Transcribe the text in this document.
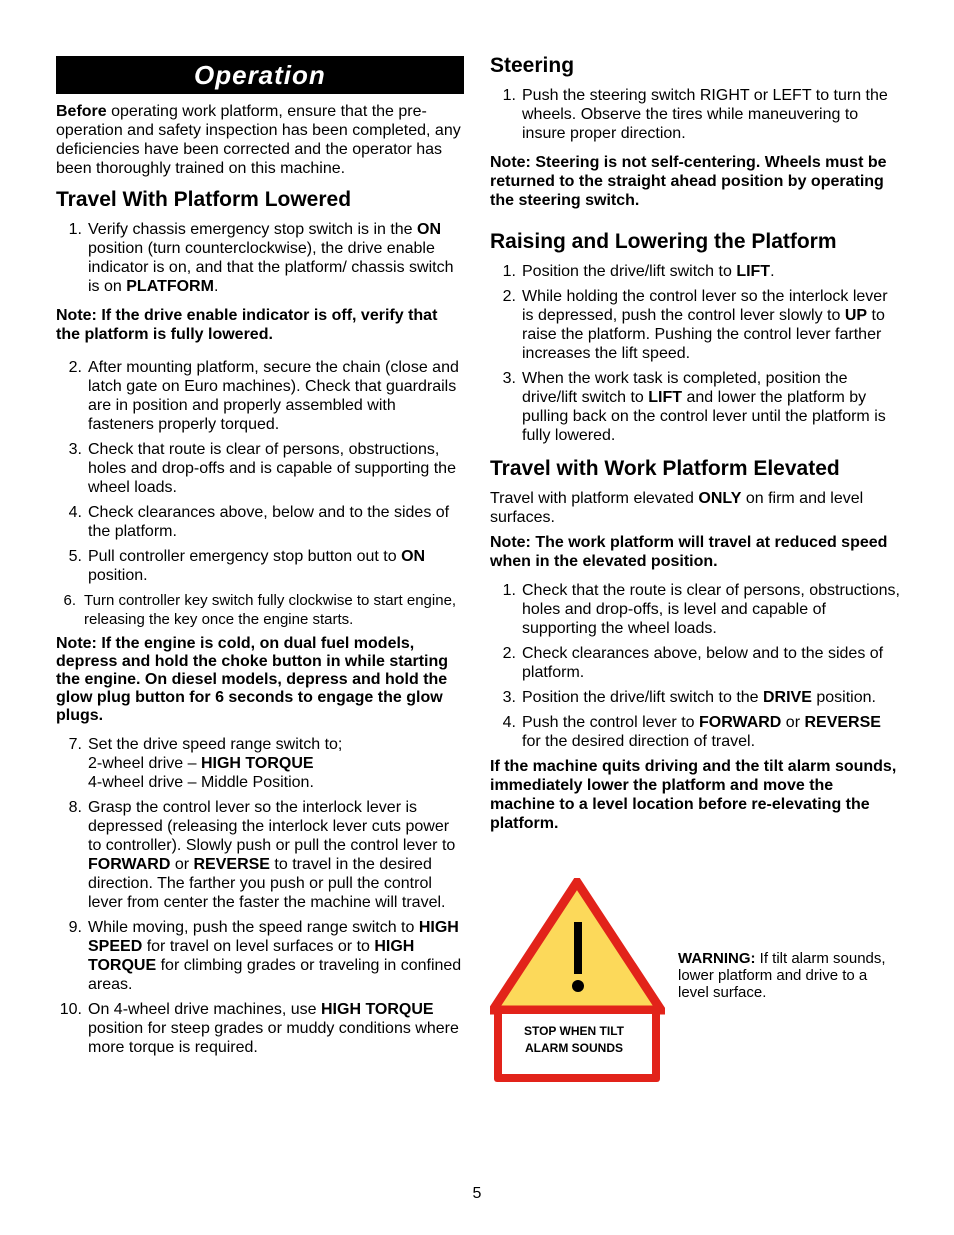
Operation

Before operating work platform, ensure that the pre-operation and safety inspection has been completed, any deficiencies have been corrected and the operator has been thoroughly trained on this machine.

Travel With Platform Lowered
1. Verify chassis emergency stop switch is in the ON position (turn counterclockwise), the drive enable indicator is on, and that the platform/ chassis switch is on PLATFORM.

Note: If the drive enable indicator is off, verify that the platform is fully lowered.

2. After mounting platform, secure the chain (close and latch gate on Euro machines). Check that guardrails are in position and properly assembled with fasteners properly torqued.
3. Check that route is clear of persons, obstructions, holes and drop-offs and is capable of supporting the wheel loads.
4. Check clearances above, below and to the sides of the platform.
5. Pull controller emergency stop button out to ON position.
6. Turn controller key switch fully clockwise to start engine, releasing the key once the engine starts.

Note: If the engine is cold, on dual fuel models, depress and hold the choke button in while starting the engine. On diesel models, depress and hold the glow plug button for 6 seconds to engage the glow plugs.

7. Set the drive speed range switch to;
2-wheel drive – HIGH TORQUE
4-wheel drive – Middle Position.
8. Grasp the control lever so the interlock lever is depressed (releasing the interlock lever cuts power to controller). Slowly push or pull the control lever to FORWARD or REVERSE to travel in the desired direction. The farther you push or pull the control lever from center the faster the machine will travel.
9. While moving, push the speed range switch to HIGH SPEED for travel on level surfaces or to HIGH TORQUE for climbing grades or traveling in confined areas.
10. On 4-wheel drive machines, use HIGH TORQUE position for steep grades or muddy conditions where more torque is required.
Steering
1. Push the steering switch RIGHT or LEFT to turn the wheels. Observe the tires while maneuvering to insure proper direction.

Note: Steering is not self-centering. Wheels must be returned to the straight ahead position by operating the steering switch.

Raising and Lowering the Platform
1. Position the drive/lift switch to LIFT.
2. While holding the control lever so the interlock lever is depressed, push the control lever slowly to UP to raise the platform. Pushing the control lever farther increases the lift speed.
3. When the work task is completed, position the drive/lift switch to LIFT and lower the platform by pulling back on the control lever until the platform is fully lowered.
Travel with Work Platform Elevated

Travel with platform elevated ONLY on firm and level surfaces.

Note: The work platform will travel at reduced speed when in the elevated position.

1. Check that the route is clear of persons, obstructions, holes and drop-offs, is level and capable of supporting the wheel loads.
2. Check clearances above, below and to the sides of platform.
3. Position the drive/lift switch to the DRIVE position.
4. Push the control lever to FORWARD or REVERSE for the desired direction of travel.

If the machine quits driving and the tilt alarm sounds, immediately lower the platform and move the machine to a level location before re-elevating the platform.

STOP WHEN TILT
ALARM SOUNDS
WARNING: If tilt alarm sounds, lower platform and drive to a level surface.
5
